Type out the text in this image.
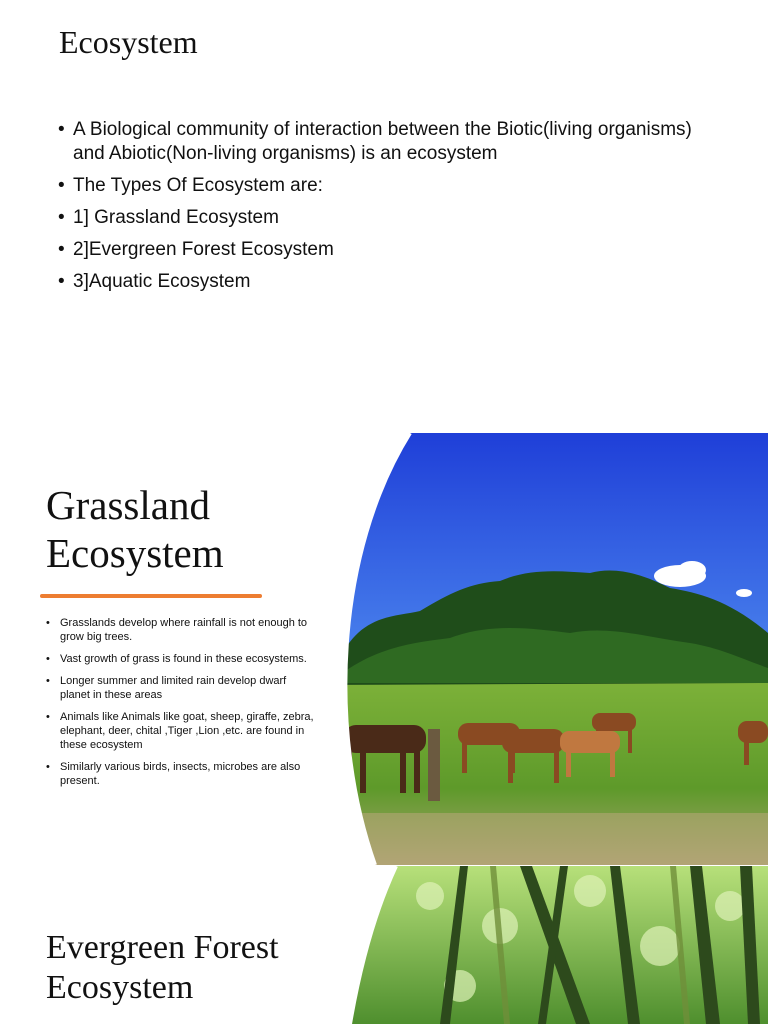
Ecosystem
• A Biological community of interaction between the Biotic(living organisms) and Abiotic(Non-living organisms) is an ecosystem
• The Types Of Ecosystem are:
• 1] Grassland Ecosystem
• 2]Evergreen Forest Ecosystem
• 3]Aquatic Ecosystem
Grassland
Ecosystem
• Grasslands develop where rainfall is not enough to grow big trees.
• Vast growth of grass is found in these ecosystems.
• Longer summer and limited rain develop dwarf planet in these areas
• Animals like Animals like goat, sheep, giraffe, zebra, elephant, deer, chital ,Tiger ,Lion ,etc. are found in these ecosystem
• Similarly various birds, insects, microbes are also present.
Evergreen Forest
Ecosystem
